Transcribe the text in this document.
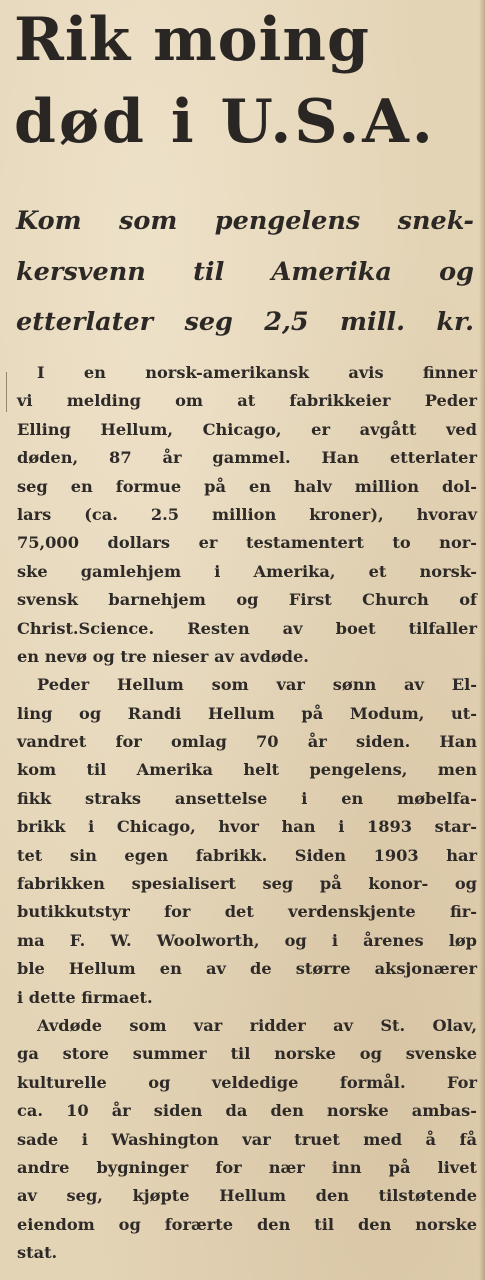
Rik moing
død i U.S.A.
Kom som pengelens snek-
kersvenn til Amerika og
etterlater seg 2,5 mill. kr.
I en norsk-amerikansk avis finner
vi melding om at fabrikkeier Peder
Elling Hellum, Chicago, er avgått ved
døden, 87 år gammel. Han etterlater
seg en formue på en halv million dol-
lars (ca. 2.5 million kroner), hvorav
75,000 dollars er testamentert to nor-
ske gamlehjem i Amerika, et norsk-
svensk barnehjem og First Church of
Christ.Science. Resten av boet tilfaller
en nevø og tre nieser av avdøde.
Peder Hellum som var sønn av El-
ling og Randi Hellum på Modum, ut-
vandret for omlag 70 år siden. Han
kom til Amerika helt pengelens, men
fikk straks ansettelse i en møbelfa-
brikk i Chicago, hvor han i 1893 star-
tet sin egen fabrikk. Siden 1903 har
fabrikken spesialisert seg på konor- og
butikkutstyr for det verdenskjente fir-
ma F. W. Woolworth, og i årenes løp
ble Hellum en av de større aksjonærer
i dette firmaet.
Avdøde som var ridder av St. Olav,
ga store summer til norske og svenske
kulturelle og veldedige formål. For
ca. 10 år siden da den norske ambas-
sade i Washington var truet med å få
andre bygninger for nær inn på livet
av seg, kjøpte Hellum den tilstøtende
eiendom og forærte den til den norske
stat.
